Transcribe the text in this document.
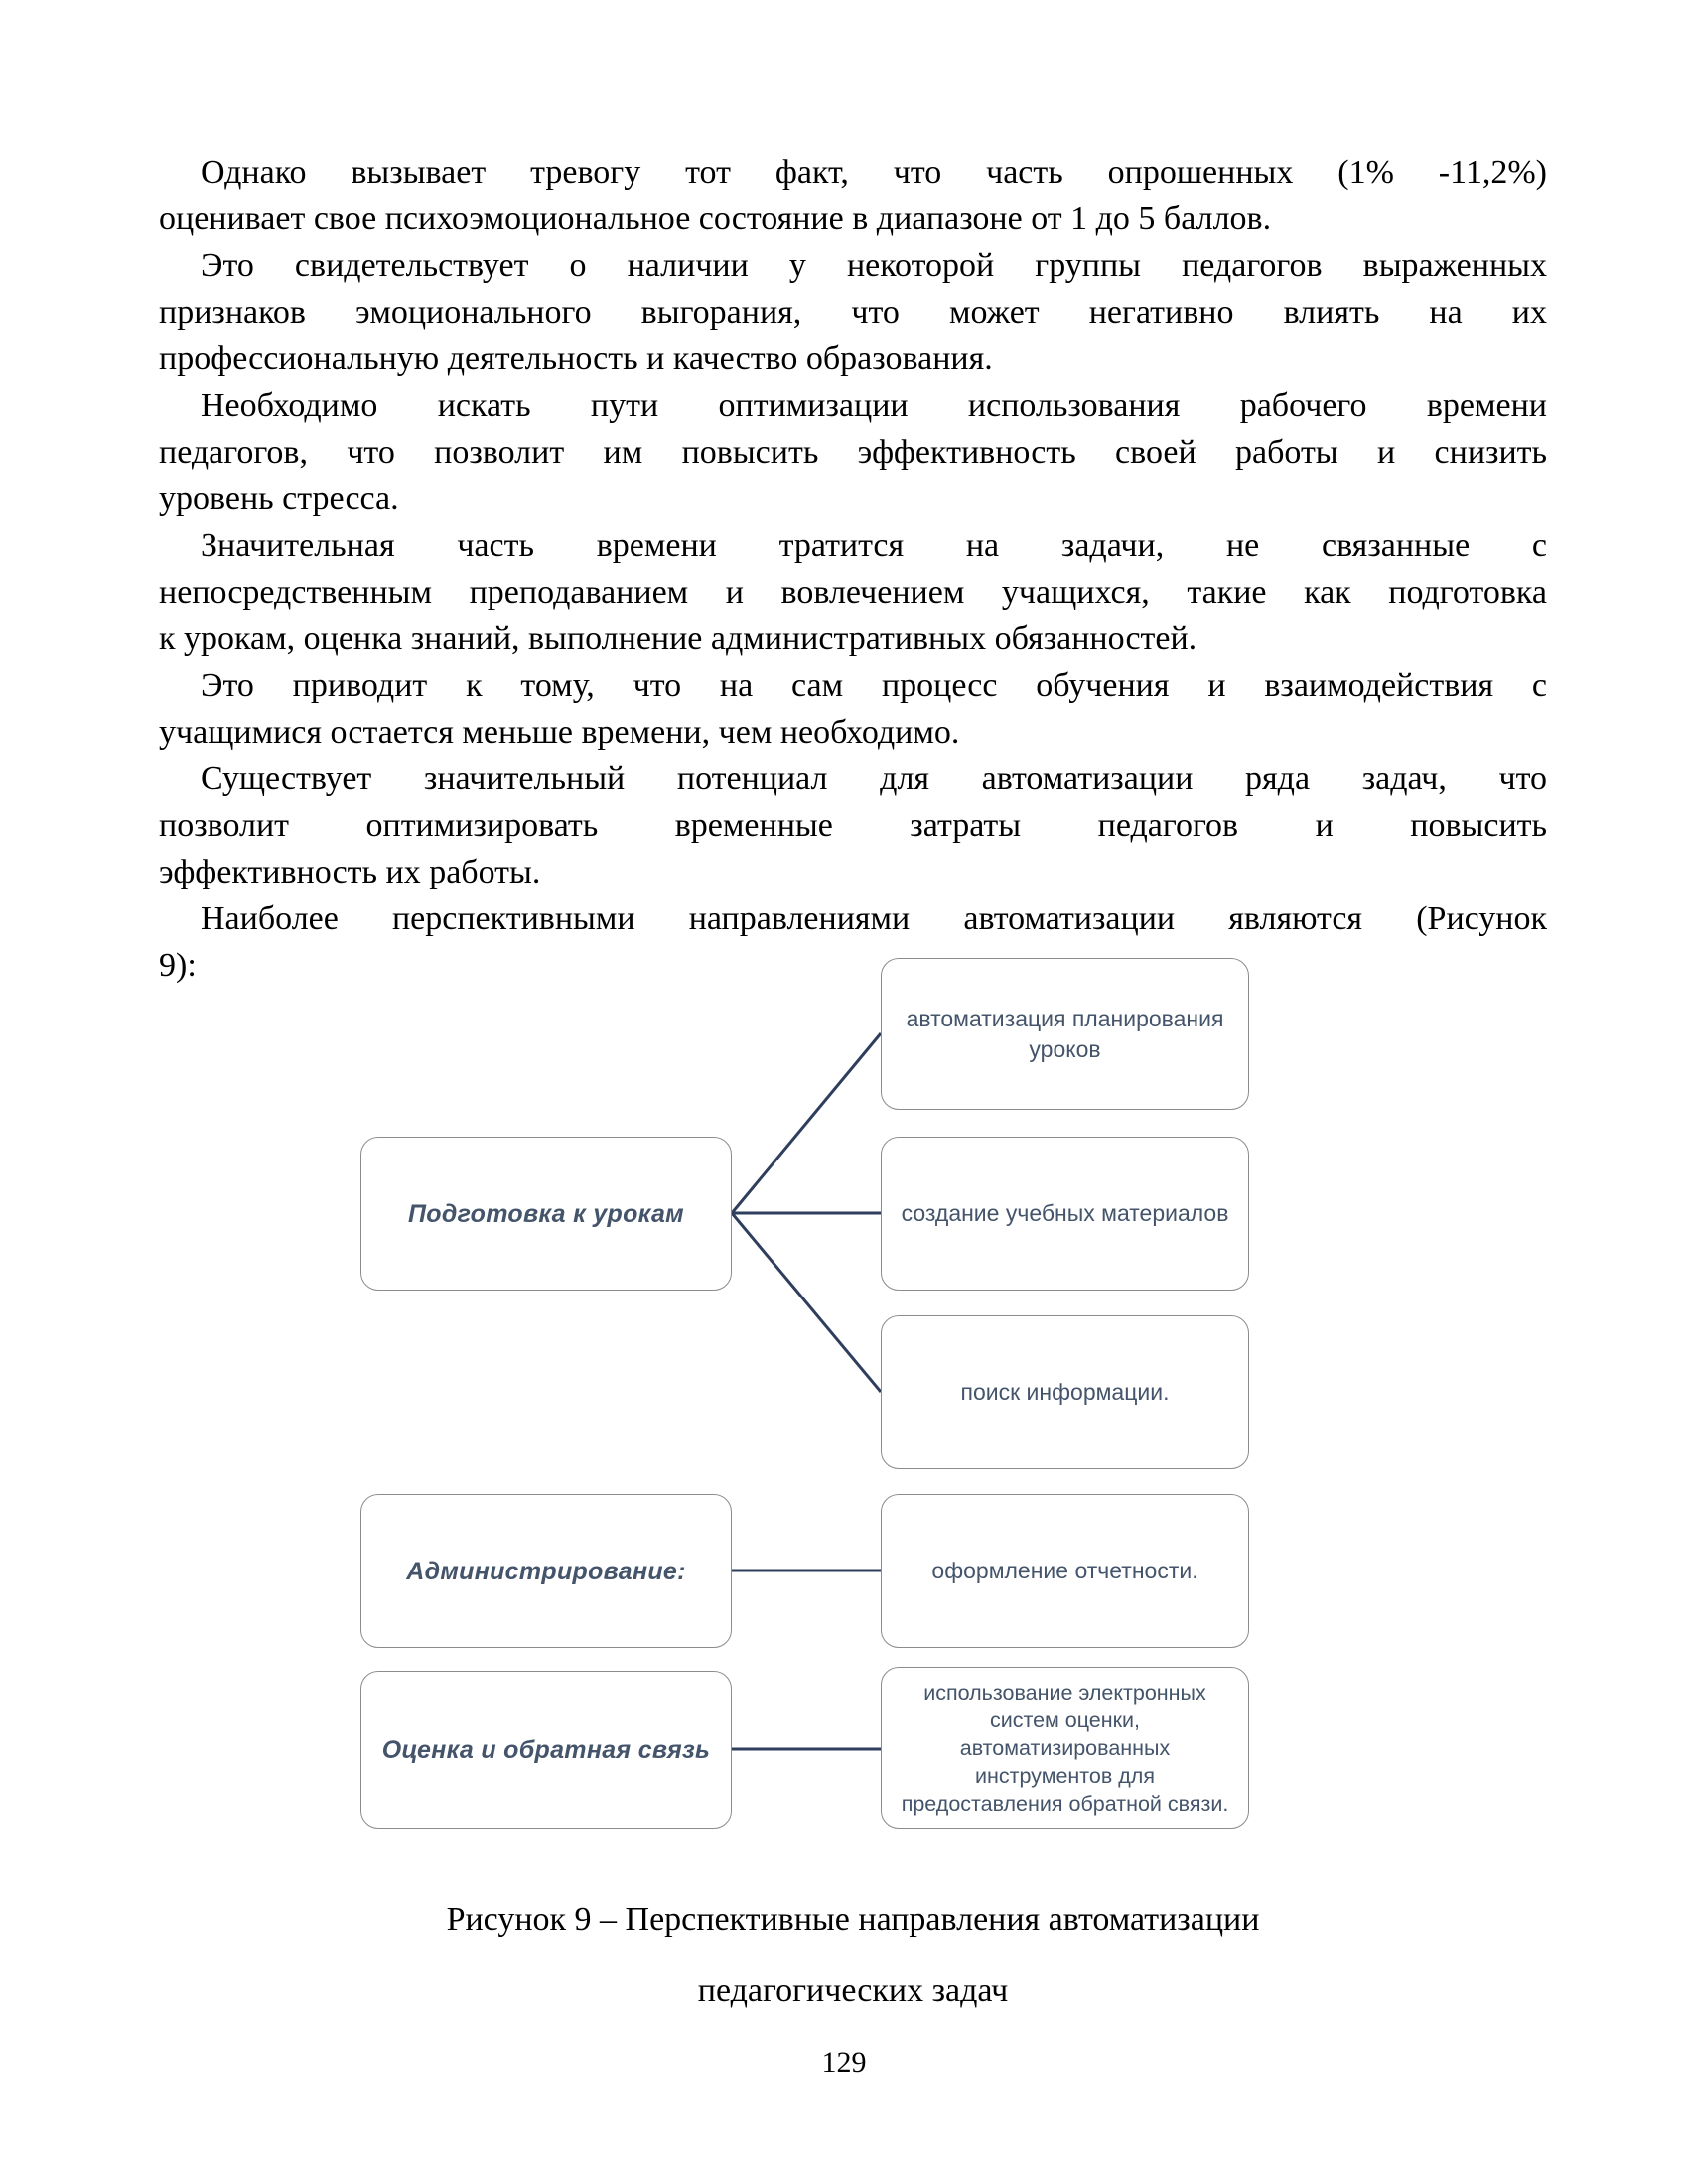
Однако вызывает тревогу тот факт, что часть опрошенных (1% -11,2%)
оценивает свое психоэмоциональное состояние в диапазоне от 1 до 5 баллов.

Это свидетельствует о наличии у некоторой группы педагогов выраженных
признаков эмоционального выгорания, что может негативно влиять на их
профессиональную деятельность и качество образования.

Необходимо искать пути оптимизации использования рабочего времени
педагогов, что позволит им повысить эффективность своей работы и снизить
уровень стресса.

Значительная часть времени тратится на задачи, не связанные с
непосредственным преподаванием и вовлечением учащихся, такие как подготовка
к урокам, оценка знаний, выполнение административных обязанностей.

Это приводит к тому, что на сам процесс обучения и взаимодействия с
учащимися остается меньше времени, чем необходимо.

Существует значительный потенциал для автоматизации ряда задач, что
позволит оптимизировать временные затраты педагогов и повысить
эффективность их работы.

Наиболее перспективными направлениями автоматизации являются (Рисунок
9):

Подготовка к урокам
Администрирование:
Оценка и обратная связь
автоматизация планирования
уроков
создание учебных материалов
поиск информации.
оформление отчетности.
использование электронных
систем оценки,
автоматизированных
инструментов для
предоставления обратной связи.
Рисунок 9 – Перспективные направления автоматизации
педагогических задач
129
